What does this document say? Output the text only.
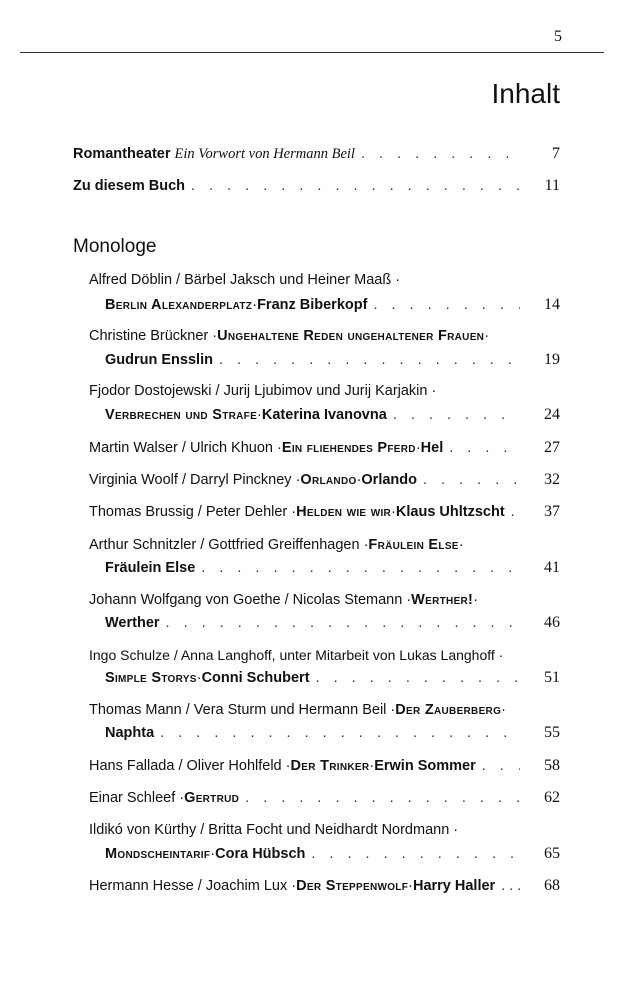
5
Inhalt
Romantheater
Ein Vorwort von Hermann Beil . . .	7
Zu diesem Buch . . .	11
Monologe
Alfred Döblin / Bärbel Jaksch und Heiner Maaß ·
Berlin Alexanderplatz · Franz Biberkopf . . .	14
Christine Brückner · Ungehaltene Reden ungehaltener Frauen ·
Gudrun Ensslin . . .	19
Fjodor Dostojewski / Jurij Ljubimov und Jurij Karjakin ·
Verbrechen und Strafe · Katerina Ivanovna . . .	24
Martin Walser / Ulrich Khuon · Ein fliehendes Pferd · Hel . . .	27
Virginia Woolf / Darryl Pinckney · Orlando · Orlando . . .	32
Thomas Brussig / Peter Dehler · Helden wie wir · Klaus Uhltzscht . . .	37
Arthur Schnitzler / Gottfried Greiffenhagen · Fräulein Else ·
Fräulein Else . . .	41
Johann Wolfgang von Goethe / Nicolas Stemann · Werther! ·
Werther . . .	46
Ingo Schulze / Anna Langhoff, unter Mitarbeit von Lukas Langhoff ·
Simple Storys · Conni Schubert . . .	51
Thomas Mann / Vera Sturm und Hermann Beil · Der Zauberberg ·
Naphta . . .	55
Hans Fallada / Oliver Hohlfeld · Der Trinker · Erwin Sommer . . .	58
Einar Schleef · Gertrud . . .	62
Ildikó von Kürthy / Britta Focht und Neidhardt Nordmann ·
Mondscheintarif · Cora Hübsch . . .	65
Hermann Hesse / Joachim Lux · Der Steppenwolf · Harry Haller . . .	68
